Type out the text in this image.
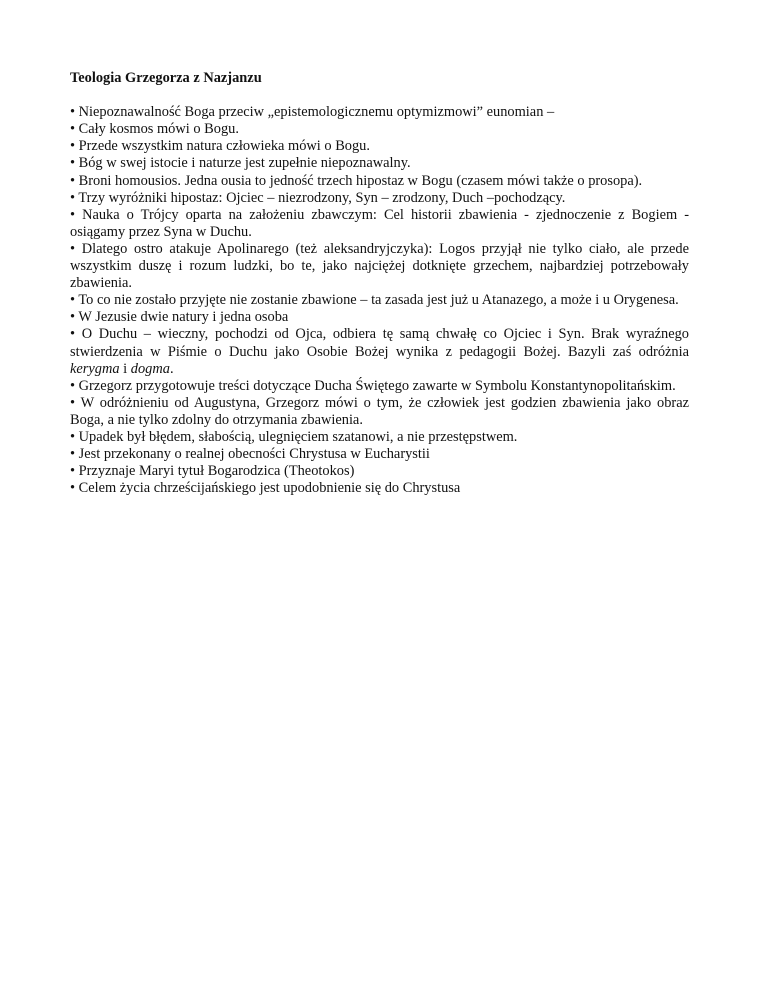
Teologia Grzegorza z Nazjanzu

• Niepoznawalność Boga przeciw „epistemologicznemu optymizmowi” eunomian –

• Cały kosmos mówi o Bogu.

• Przede wszystkim natura człowieka mówi o Bogu.

• Bóg w swej istocie i naturze jest zupełnie niepoznawalny.

• Broni homousios. Jedna ousia to jedność trzech hipostaz w Bogu (czasem mówi także o prosopa).

• Trzy wyróżniki hipostaz: Ojciec – niezrodzony, Syn – zrodzony, Duch –pochodzący.

• Nauka o Trójcy oparta na założeniu zbawczym: Cel historii zbawienia - zjednoczenie z Bogiem - osiągamy przez Syna w Duchu.

• Dlatego ostro atakuje Apolinarego (też aleksandryjczyka): Logos przyjął nie tylko ciało, ale przede wszystkim duszę i rozum ludzki, bo te, jako najciężej dotknięte grzechem, najbardziej potrzebowały zbawienia.

• To co nie zostało przyjęte nie zostanie zbawione – ta zasada jest już u Atanazego, a może i u Orygenesa.

• W Jezusie dwie natury i jedna osoba

• O Duchu – wieczny, pochodzi od Ojca, odbiera tę samą chwałę co Ojciec i Syn. Brak wyraźnego stwierdzenia w Piśmie o Duchu jako Osobie Bożej wynika z pedagogii Bożej. Bazyli zaś odróżnia kerygma i dogma.

• Grzegorz przygotowuje treści dotyczące Ducha Świętego zawarte w Symbolu Konstantynopolitańskim.

• W odróżnieniu od Augustyna, Grzegorz mówi o tym, że człowiek jest godzien zbawienia jako obraz Boga, a nie tylko zdolny do otrzymania zbawienia.

• Upadek był błędem, słabością, ulegnięciem szatanowi, a nie przestępstwem.

• Jest przekonany o realnej obecności Chrystusa w Eucharystii

• Przyznaje Maryi tytuł Bogarodzica (Theotokos)

• Celem życia chrześcijańskiego jest upodobnienie się do Chrystusa
